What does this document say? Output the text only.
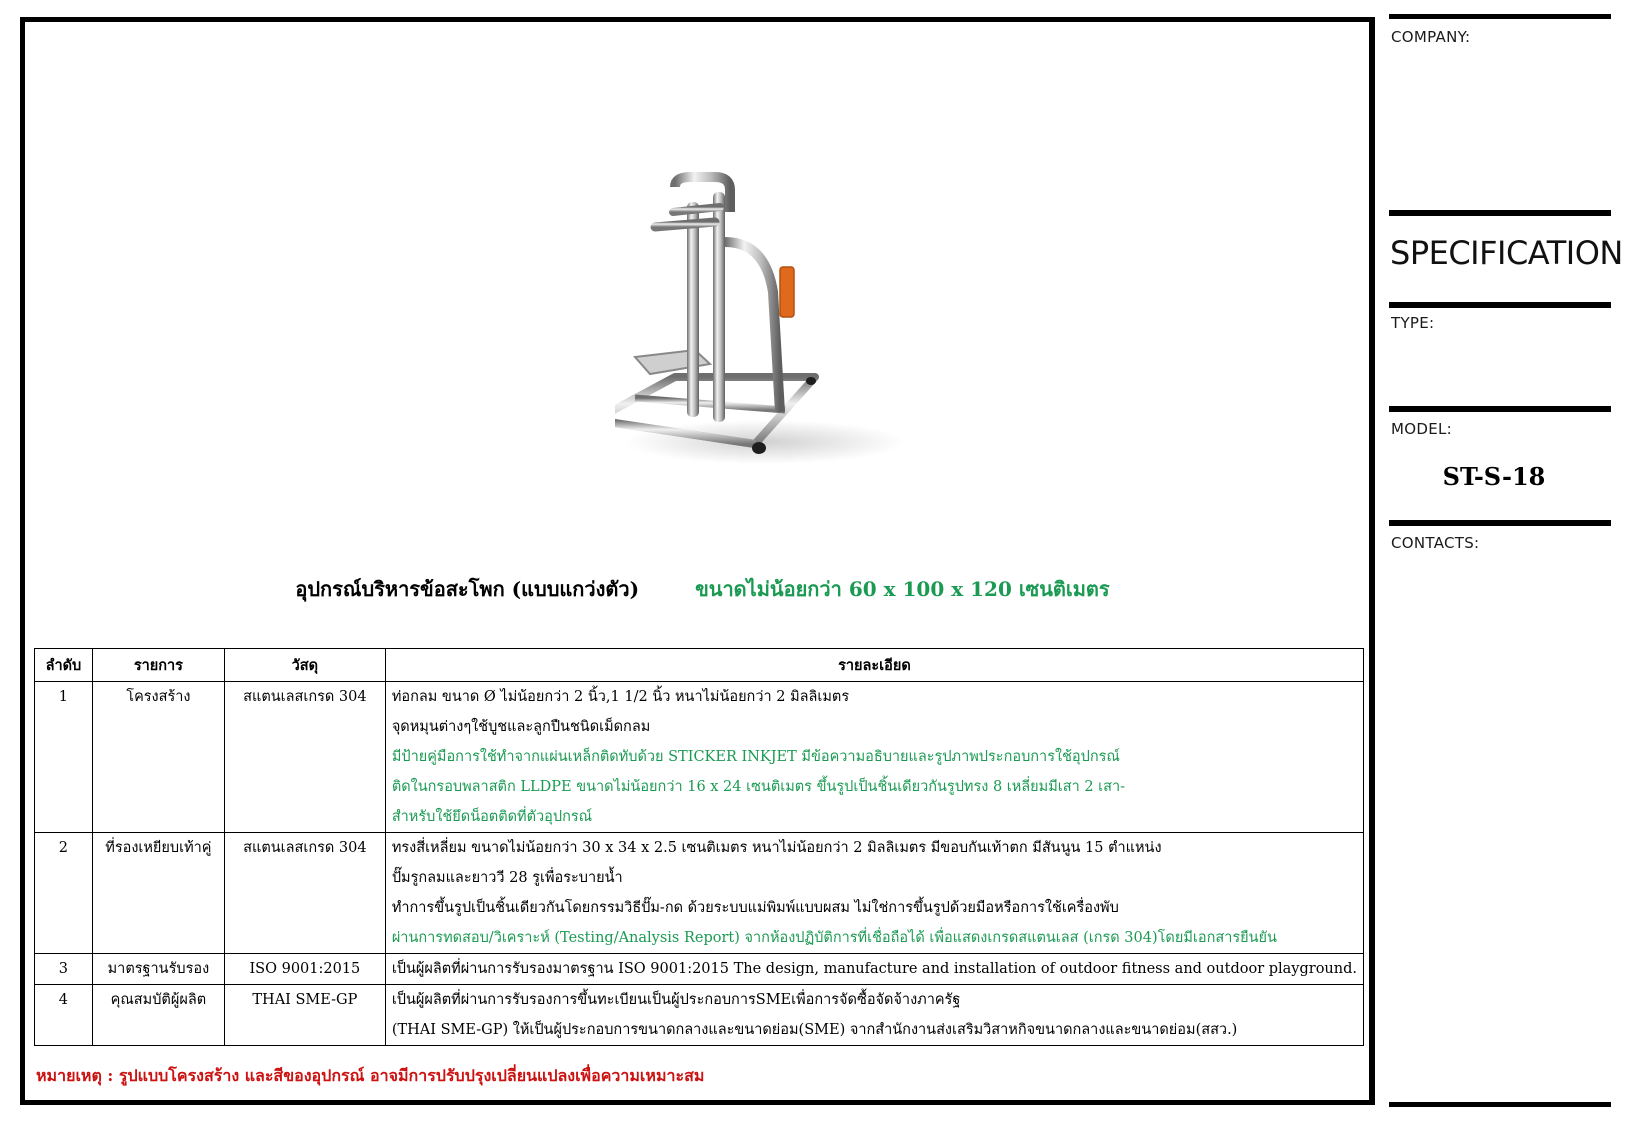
อุปกรณ์บริหารข้อสะโพก (แบบแกว่งตัว)	ขนาดไม่น้อยกว่า 60 x 100 x 120 เซนติเมตร
ลำดับ	รายการ	วัสดุ	รายละเอียด
1	โครงสร้าง	สแตนเลสเกรด 304	ท่อกลม ขนาด Ø ไม่น้อยกว่า 2 นิ้ว,1 1/2 นิ้ว หนาไม่น้อยกว่า 2 มิลลิเมตร
จุดหมุนต่างๆใช้บูชและลูกปืนชนิดเม็ดกลม
มีป้ายคู่มือการใช้ทำจากแผ่นเหล็กติดทับด้วย STICKER INKJET มีข้อความอธิบายและรูปภาพประกอบการใช้อุปกรณ์
ติดในกรอบพลาสติก LLDPE ขนาดไม่น้อยกว่า 16 x 24 เซนติเมตร ขึ้นรูปเป็นชิ้นเดียวกันรูปทรง 8 เหลี่ยมมีเสา 2 เสา-
สำหรับใช้ยึดน็อตติดที่ตัวอุปกรณ์

2	ที่รองเหยียบเท้าคู่	สแตนเลสเกรด 304	ทรงสี่เหลี่ยม ขนาดไม่น้อยกว่า 30 x 34 x 2.5 เซนติเมตร หนาไม่น้อยกว่า 2 มิลลิเมตร มีขอบกันเท้าตก มีสันนูน 15 ตำแหน่ง
ปั๊มรูกลมและยาววี 28 รูเพื่อระบายน้ำ
ทำการขึ้นรูปเป็นชิ้นเดียวกันโดยกรรมวิธีปั๊ม-กด ด้วยระบบแม่พิมพ์แบบผสม ไม่ใช่การขึ้นรูปด้วยมือหรือการใช้เครื่องพับ
ผ่านการทดสอบ/วิเคราะห์ (Testing/Analysis Report) จากห้องปฏิบัติการที่เชื่อถือได้ เพื่อแสดงเกรดสแตนเลส (เกรด 304)โดยมีเอกสารยืนยัน

3	มาตรฐานรับรอง	ISO 9001:2015	เป็นผู้ผลิตที่ผ่านการรับรองมาตรฐาน ISO 9001:2015 The design, manufacture and installation of outdoor fitness and outdoor playground.

4	คุณสมบัติผู้ผลิต	THAI SME-GP	เป็นผู้ผลิตที่ผ่านการรับรองการขึ้นทะเบียนเป็นผู้ประกอบการSMEเพื่อการจัดซื้อจัดจ้างภาครัฐ
(THAI SME-GP) ให้เป็นผู้ประกอบการขนาดกลางและขนาดย่อม(SME) จากสำนักงานส่งเสริมวิสาหกิจขนาดกลางและขนาดย่อม(สสว.)
หมายเหตุ : รูปแบบโครงสร้าง และสีของอุปกรณ์ อาจมีการปรับปรุงเปลี่ยนแปลงเพื่อความเหมาะสม
COMPANY:
SPECIFICATION
TYPE:
MODEL:
ST-S-18
CONTACTS:
